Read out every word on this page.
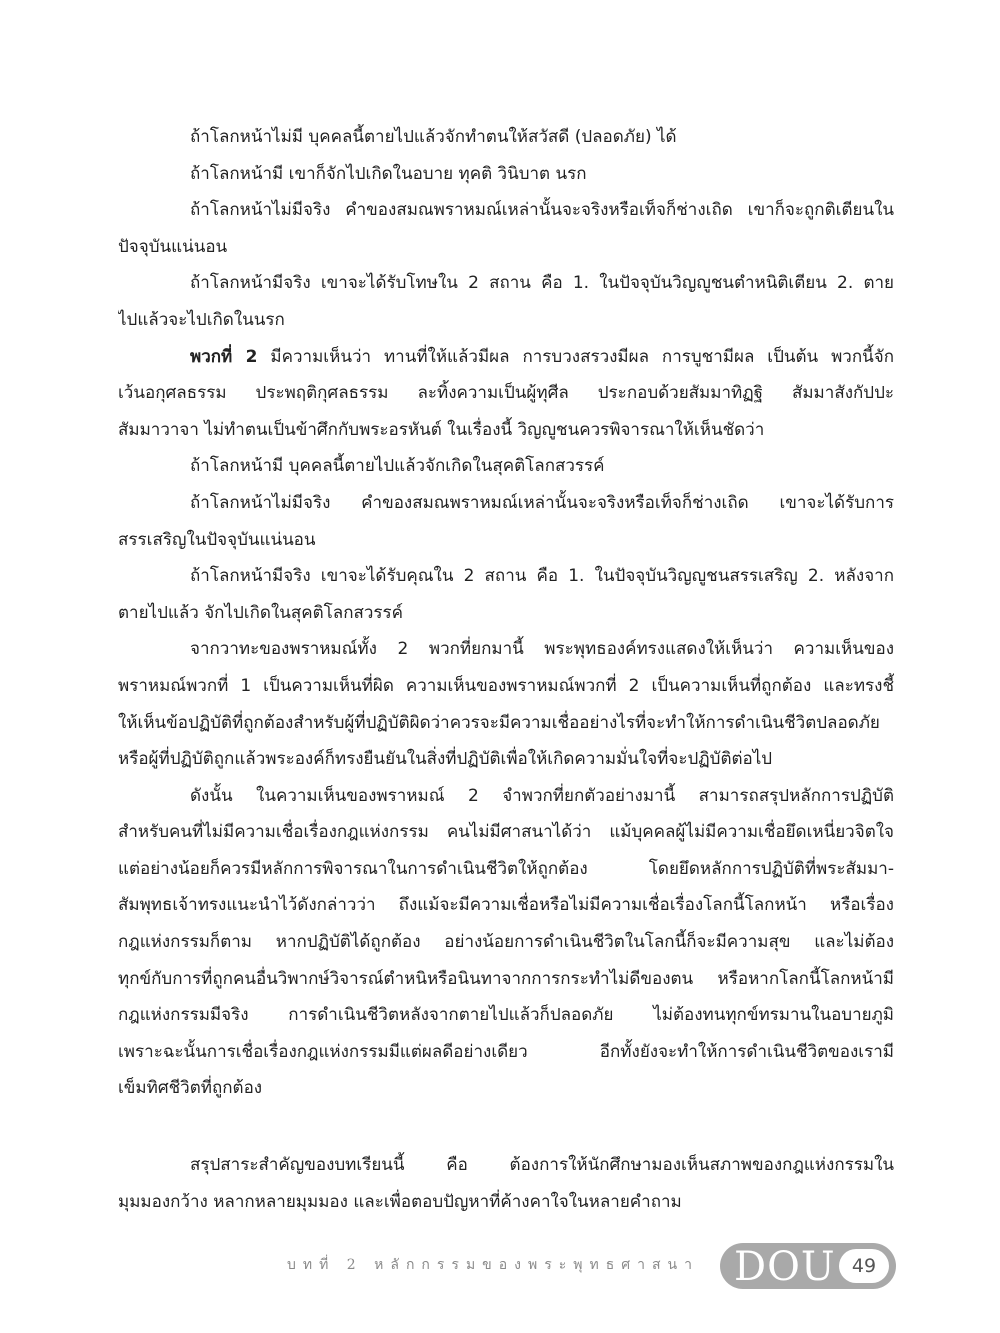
ถ้าโลกหน้าไม่มี บุคคลนี้ตายไปแล้วจักทำตนให้สวัสดี (ปลอดภัย) ได้
ถ้าโลกหน้ามี เขาก็จักไปเกิดในอบาย ทุคติ วินิบาต นรก
ถ้าโลกหน้าไม่มีจริง คำของสมณพราหมณ์เหล่านั้นจะจริงหรือเท็จก็ช่างเถิด เขาก็จะถูกติเตียนใน
ปัจจุบันแน่นอน
ถ้าโลกหน้ามีจริง เขาจะได้รับโทษใน 2 สถาน คือ 1. ในปัจจุบันวิญญูชนตำหนิติเตียน 2. ตาย
ไปแล้วจะไปเกิดในนรก
พวกที่ 2 มีความเห็นว่า ทานที่ให้แล้วมีผล การบวงสรวงมีผล การบูชามีผล เป็นต้น พวกนี้จัก
เว้นอกุศลธรรม ประพฤติกุศลธรรม ละทิ้งความเป็นผู้ทุศีล ประกอบด้วยสัมมาทิฏฐิ สัมมาสังกัปปะ
สัมมาวาจา ไม่ทำตนเป็นข้าศึกกับพระอรหันต์ ในเรื่องนี้ วิญญูชนควรพิจารณาให้เห็นชัดว่า
ถ้าโลกหน้ามี บุคคลนี้ตายไปแล้วจักเกิดในสุคติโลกสวรรค์
ถ้าโลกหน้าไม่มีจริง คำของสมณพราหมณ์เหล่านั้นจะจริงหรือเท็จก็ช่างเถิด เขาจะได้รับการ
สรรเสริญในปัจจุบันแน่นอน
ถ้าโลกหน้ามีจริง เขาจะได้รับคุณใน 2 สถาน คือ 1. ในปัจจุบันวิญญูชนสรรเสริญ 2. หลังจาก
ตายไปแล้ว จักไปเกิดในสุคติโลกสวรรค์
จากวาทะของพราหมณ์ทั้ง 2 พวกที่ยกมานี้ พระพุทธองค์ทรงแสดงให้เห็นว่า ความเห็นของ
พราหมณ์พวกที่ 1 เป็นความเห็นที่ผิด ความเห็นของพราหมณ์พวกที่ 2 เป็นความเห็นที่ถูกต้อง และทรงชี้
ให้เห็นข้อปฏิบัติที่ถูกต้องสำหรับผู้ที่ปฏิบัติผิดว่าควรจะมีความเชื่ออย่างไรที่จะทำให้การดำเนินชีวิตปลอดภัย
หรือผู้ที่ปฏิบัติถูกแล้วพระองค์ก็ทรงยืนยันในสิ่งที่ปฏิบัติเพื่อให้เกิดความมั่นใจที่จะปฏิบัติต่อไป
ดังนั้น ในความเห็นของพราหมณ์ 2 จำพวกที่ยกตัวอย่างมานี้ สามารถสรุปหลักการปฏิบัติ
สำหรับคนที่ไม่มีความเชื่อเรื่องกฎแห่งกรรม คนไม่มีศาสนาได้ว่า แม้บุคคลผู้ไม่มีความเชื่อยึดเหนี่ยวจิตใจ
แต่อย่างน้อยก็ควรมีหลักการพิจารณาในการดำเนินชีวิตให้ถูกต้อง โดยยึดหลักการปฏิบัติที่พระสัมมา-
สัมพุทธเจ้าทรงแนะนำไว้ดังกล่าวว่า ถึงแม้จะมีความเชื่อหรือไม่มีความเชื่อเรื่องโลกนี้โลกหน้า หรือเรื่อง
กฎแห่งกรรมก็ตาม หากปฏิบัติได้ถูกต้อง อย่างน้อยการดำเนินชีวิตในโลกนี้ก็จะมีความสุข และไม่ต้อง
ทุกข์กับการที่ถูกคนอื่นวิพากษ์วิจารณ์ตำหนิหรือนินทาจากการกระทำไม่ดีของตน หรือหากโลกนี้โลกหน้ามี
กฎแห่งกรรมมีจริง การดำเนินชีวิตหลังจากตายไปแล้วก็ปลอดภัย ไม่ต้องทนทุกข์ทรมานในอบายภูมิ
เพราะฉะนั้นการเชื่อเรื่องกฎแห่งกรรมมีแต่ผลดีอย่างเดียว อีกทั้งยังจะทำให้การดำเนินชีวิตของเรามี
เข็มทิศชีวิตที่ถูกต้อง
สรุปสาระสำคัญของบทเรียนนี้ คือ ต้องการให้นักศึกษามองเห็นสภาพของกฎแห่งกรรมใน
มุมมองกว้าง หลากหลายมุมมอง และเพื่อตอบปัญหาที่ค้างคาใจในหลายคำถาม
บทที่ 2 หลักกรรมของพระพุทธศาสนา DOU 49
